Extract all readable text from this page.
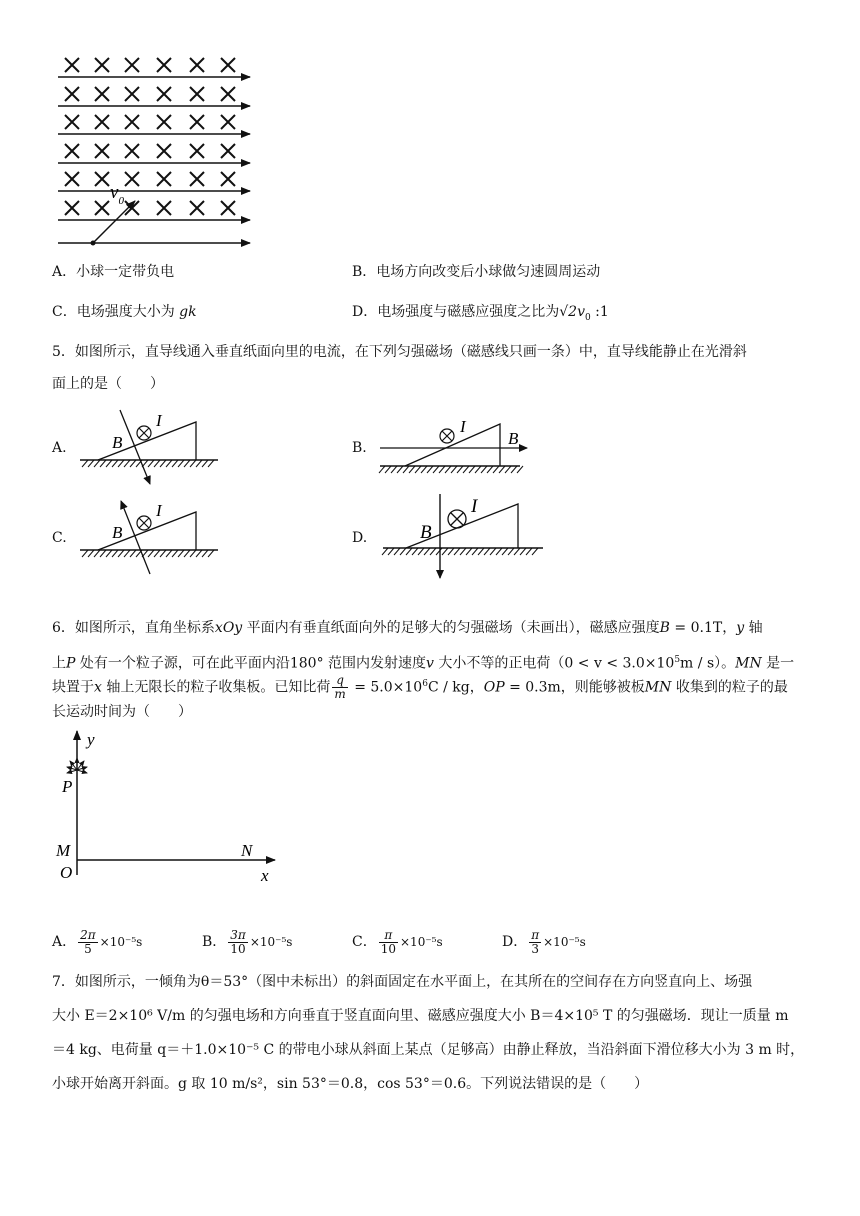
$v_0$
A．小球一定带负电	B．电场方向改变后小球做匀速圆周运动
C．电场强度大小为 gk	D．电场强度与磁感应强度之比为$√2v_0$ :1
5．如图所示，直导线通入垂直纸面向里的电流，在下列匀强磁场（磁感线只画一条）中，直导线能静止在光滑斜
面上的是（　　）
A.	B.
C.	D.
B
I	I
B
B
I
B
I
6．如图所示，直角坐标系xOy 平面内有垂直纸面向外的足够大的匀强磁场（未画出），磁感应强度B = 0.1T，y 轴
上P 处有一个粒子源，可在此平面内沿180° 范围内发射速度v 大小不等的正电荷$(0 < v < 3.0\times 10^5m / s)$。MN 是一
块置于x 轴上无限长的粒子收集板。已知比荷 $\frac{q}{m} = 5.0\times 10^6C$ / kg，OP = 0.3m，则能够被板MN 收集到的粒子的最
长运动时间为（　　）
y
x
P
M	N
O
A． $\frac{2\pi}{5} \times 10^{-5}s$	B． $\frac{3\pi}{10} \times 10^{-5}s$	C． $\frac{\pi}{10} \times 10^{-5}s$	D． $\frac{\pi}{3} \times 10^{-5}s$
7．如图所示，一倾角为θ＝53°（图中未标出）的斜面固定在水平面上，在其所在的空间存在方向竖直向上、场强
大小 E＝2×10⁶ V/m 的匀强电场和方向垂直于竖直面向里、磁感应强度大小 B＝4×10⁵ T 的匀强磁场．现让一质量 m
＝4 kg、电荷量 q＝＋1.0×10⁻⁵ C 的带电小球从斜面上某点（足够高）由静止释放，当沿斜面下滑位移大小为 3 m 时，
小球开始离开斜面。g 取 10 m/s²，sin 53°＝0.8，cos 53°＝0.6。下列说法错误的是（　　）
